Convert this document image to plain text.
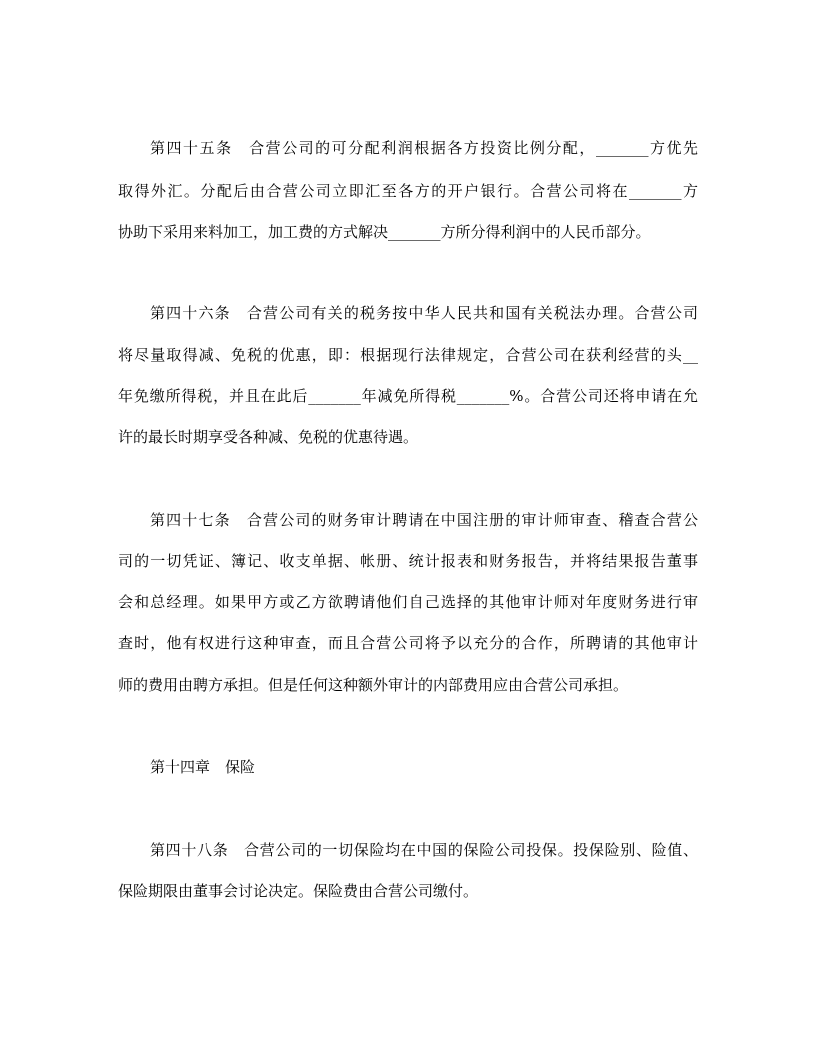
第四十五条　合营公司的可分配利润根据各方投资比例分配，_______方优先
取得外汇。分配后由合营公司立即汇至各方的开户银行。合营公司将在_______方
协助下采用来料加工，加工费的方式解决_______方所分得利润中的人民币部分。
第四十六条　合营公司有关的税务按中华人民共和国有关税法办理。合营公司
将尽量取得减、免税的优惠，即：根据现行法律规定，合营公司在获利经营的头__
年免缴所得税，并且在此后_______年减免所得税_______%。合营公司还将申请在允
许的最长时期享受各种减、免税的优惠待遇。
第四十七条　合营公司的财务审计聘请在中国注册的审计师审查、稽查合营公
司的一切凭证、簿记、收支单据、帐册、统计报表和财务报告，并将结果报告董事
会和总经理。如果甲方或乙方欲聘请他们自己选择的其他审计师对年度财务进行审
查时，他有权进行这种审查，而且合营公司将予以充分的合作，所聘请的其他审计
师的费用由聘方承担。但是任何这种额外审计的内部费用应由合营公司承担。
第十四章　保险
第四十八条　合营公司的一切保险均在中国的保险公司投保。投保险别、险值、
保险期限由董事会讨论决定。保险费由合营公司缴付。
